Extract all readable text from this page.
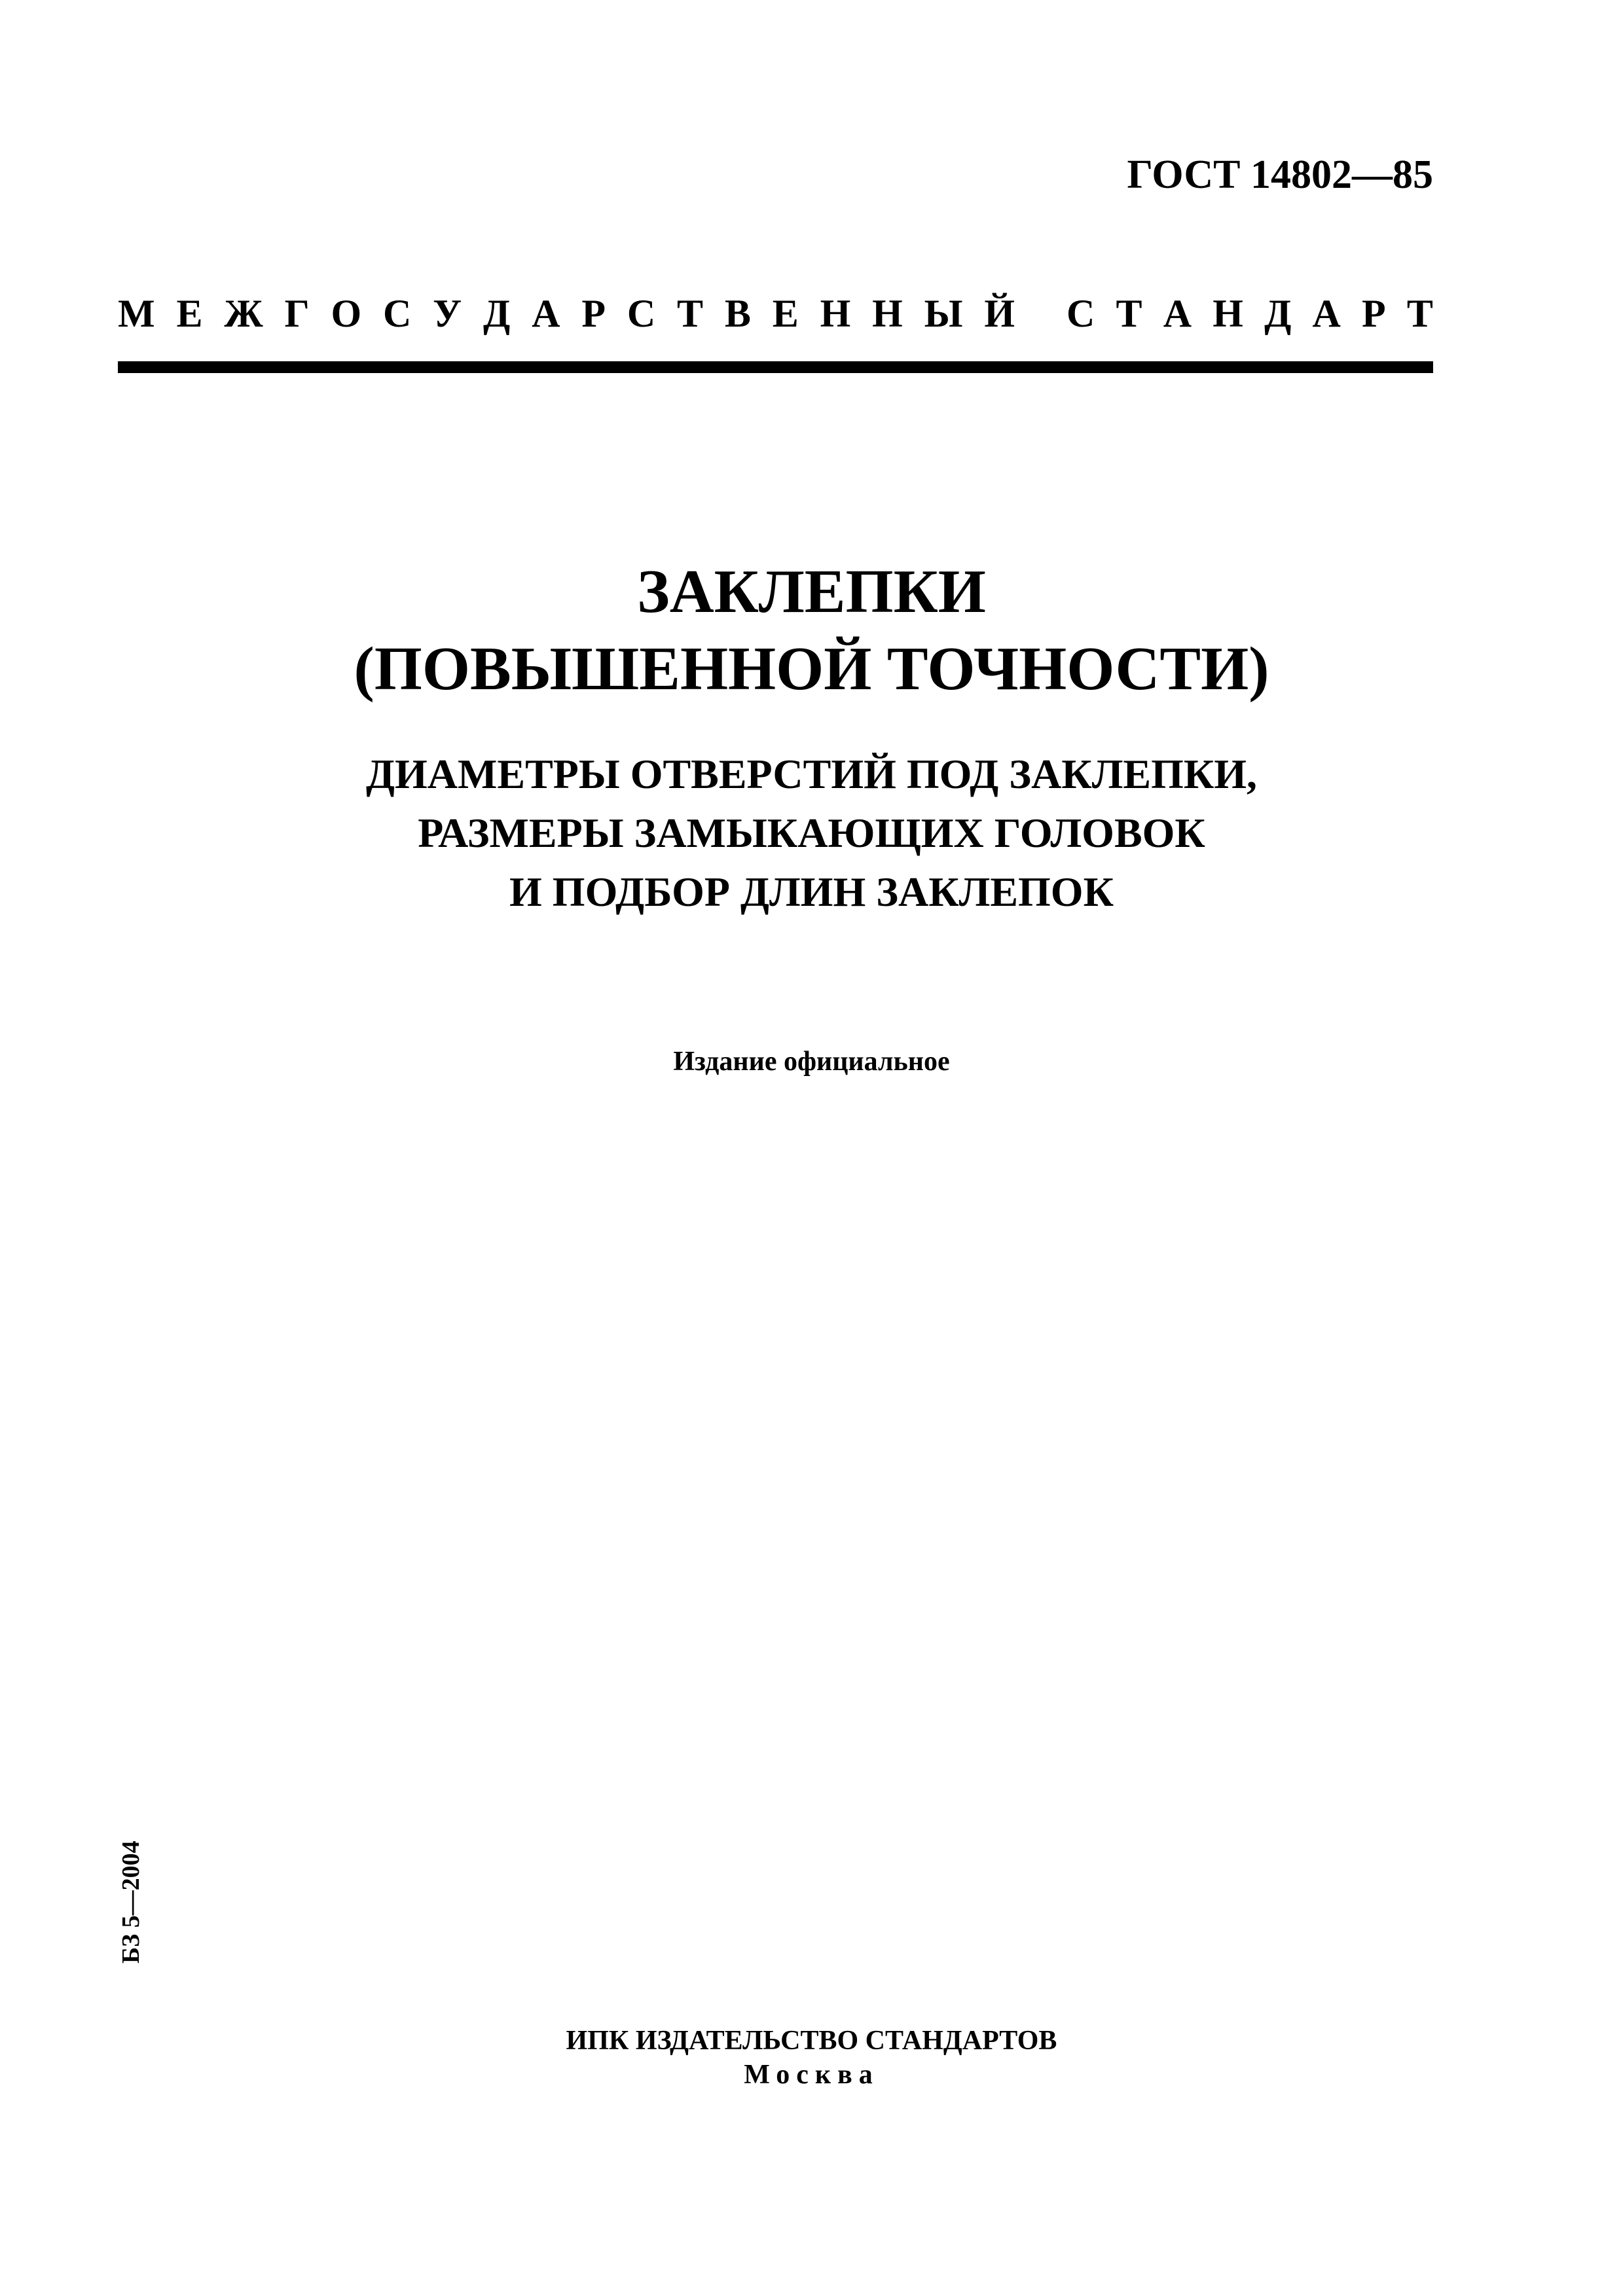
ГОСТ 14802—85
М Е Ж Г О С У Д А Р С Т В Е Н Н Ы Й С Т А Н Д А Р Т
ЗАКЛЕПКИ
(ПОВЫШЕННОЙ ТОЧНОСТИ)
ДИАМЕТРЫ ОТВЕРСТИЙ ПОД ЗАКЛЕПКИ,
РАЗМЕРЫ ЗАМЫКАЮЩИХ ГОЛОВОК
И ПОДБОР ДЛИН ЗАКЛЕПОК
Издание официальное
БЗ 5—2004
ИПК ИЗДАТЕЛЬСТВО СТАНДАРТОВ
Москва
